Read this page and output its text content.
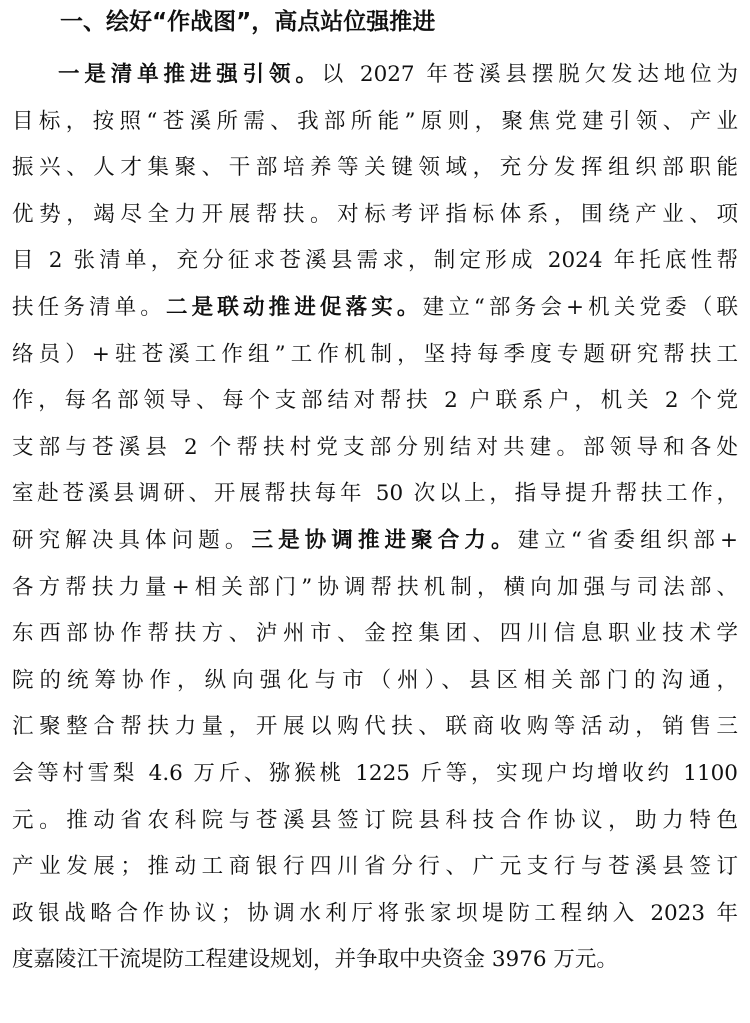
一、绘好“作战图”，高点站位强推进
一是清单推进强引领。以 2027 年苍溪县摆脱欠发达地位为
目标，按照“苍溪所需、我部所能”原则，聚焦党建引领、产业
振兴、人才集聚、干部培养等关键领域，充分发挥组织部职能
优势，竭尽全力开展帮扶。对标考评指标体系，围绕产业、项
目 2 张清单，充分征求苍溪县需求，制定形成 2024 年托底性帮
扶任务清单。二是联动推进促落实。建立“部务会+机关党委（联
络员）+驻苍溪工作组”工作机制，坚持每季度专题研究帮扶工
作，每名部领导、每个支部结对帮扶 2 户联系户，机关 2 个党
支部与苍溪县 2 个帮扶村党支部分别结对共建。部领导和各处
室赴苍溪县调研、开展帮扶每年 50 次以上，指导提升帮扶工作，
研究解决具体问题。三是协调推进聚合力。建立“省委组织部+
各方帮扶力量+相关部门”协调帮扶机制，横向加强与司法部、
东西部协作帮扶方、泸州市、金控集团、四川信息职业技术学
院的统筹协作，纵向强化与市（州）、县区相关部门的沟通，
汇聚整合帮扶力量，开展以购代扶、联商收购等活动，销售三
会等村雪梨 4.6 万斤、猕猴桃 1225 斤等，实现户均增收约 1100
元。推动省农科院与苍溪县签订院县科技合作协议，助力特色
产业发展；推动工商银行四川省分行、广元支行与苍溪县签订
政银战略合作协议；协调水利厅将张家坝堤防工程纳入 2023 年
度嘉陵江干流堤防工程建设规划，并争取中央资金 3976 万元。
